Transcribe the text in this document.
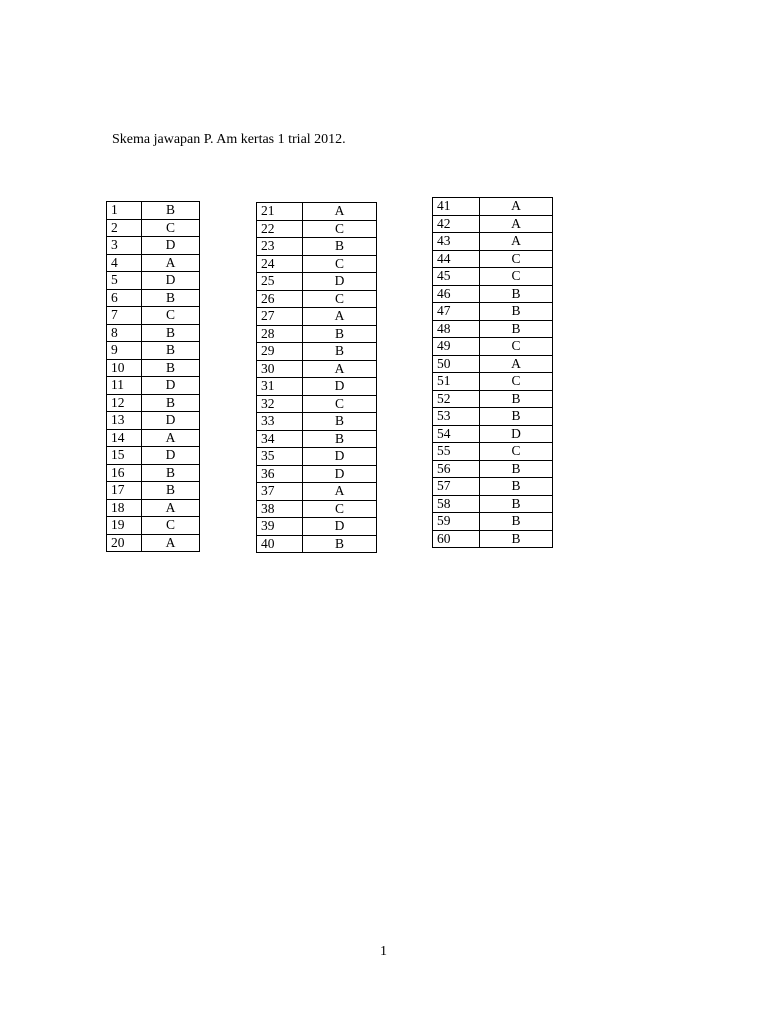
Skema jawapan P. Am kertas 1 trial 2012.
1	B
2	C
3	D
4	A
5	D
6	B
7	C
8	B
9	B
10	B
11	D
12	B
13	D
14	A
15	D
16	B
17	B
18	A
19	C
20	A
21	A
22	C
23	B
24	C
25	D
26	C
27	A
28	B
29	B
30	A
31	D
32	C
33	B
34	B
35	D
36	D
37	A
38	C
39	D
40	B
41	A
42	A
43	A
44	C
45	C
46	B
47	B
48	B
49	C
50	A
51	C
52	B
53	B
54	D
55	C
56	B
57	B
58	B
59	B
60	B
1
